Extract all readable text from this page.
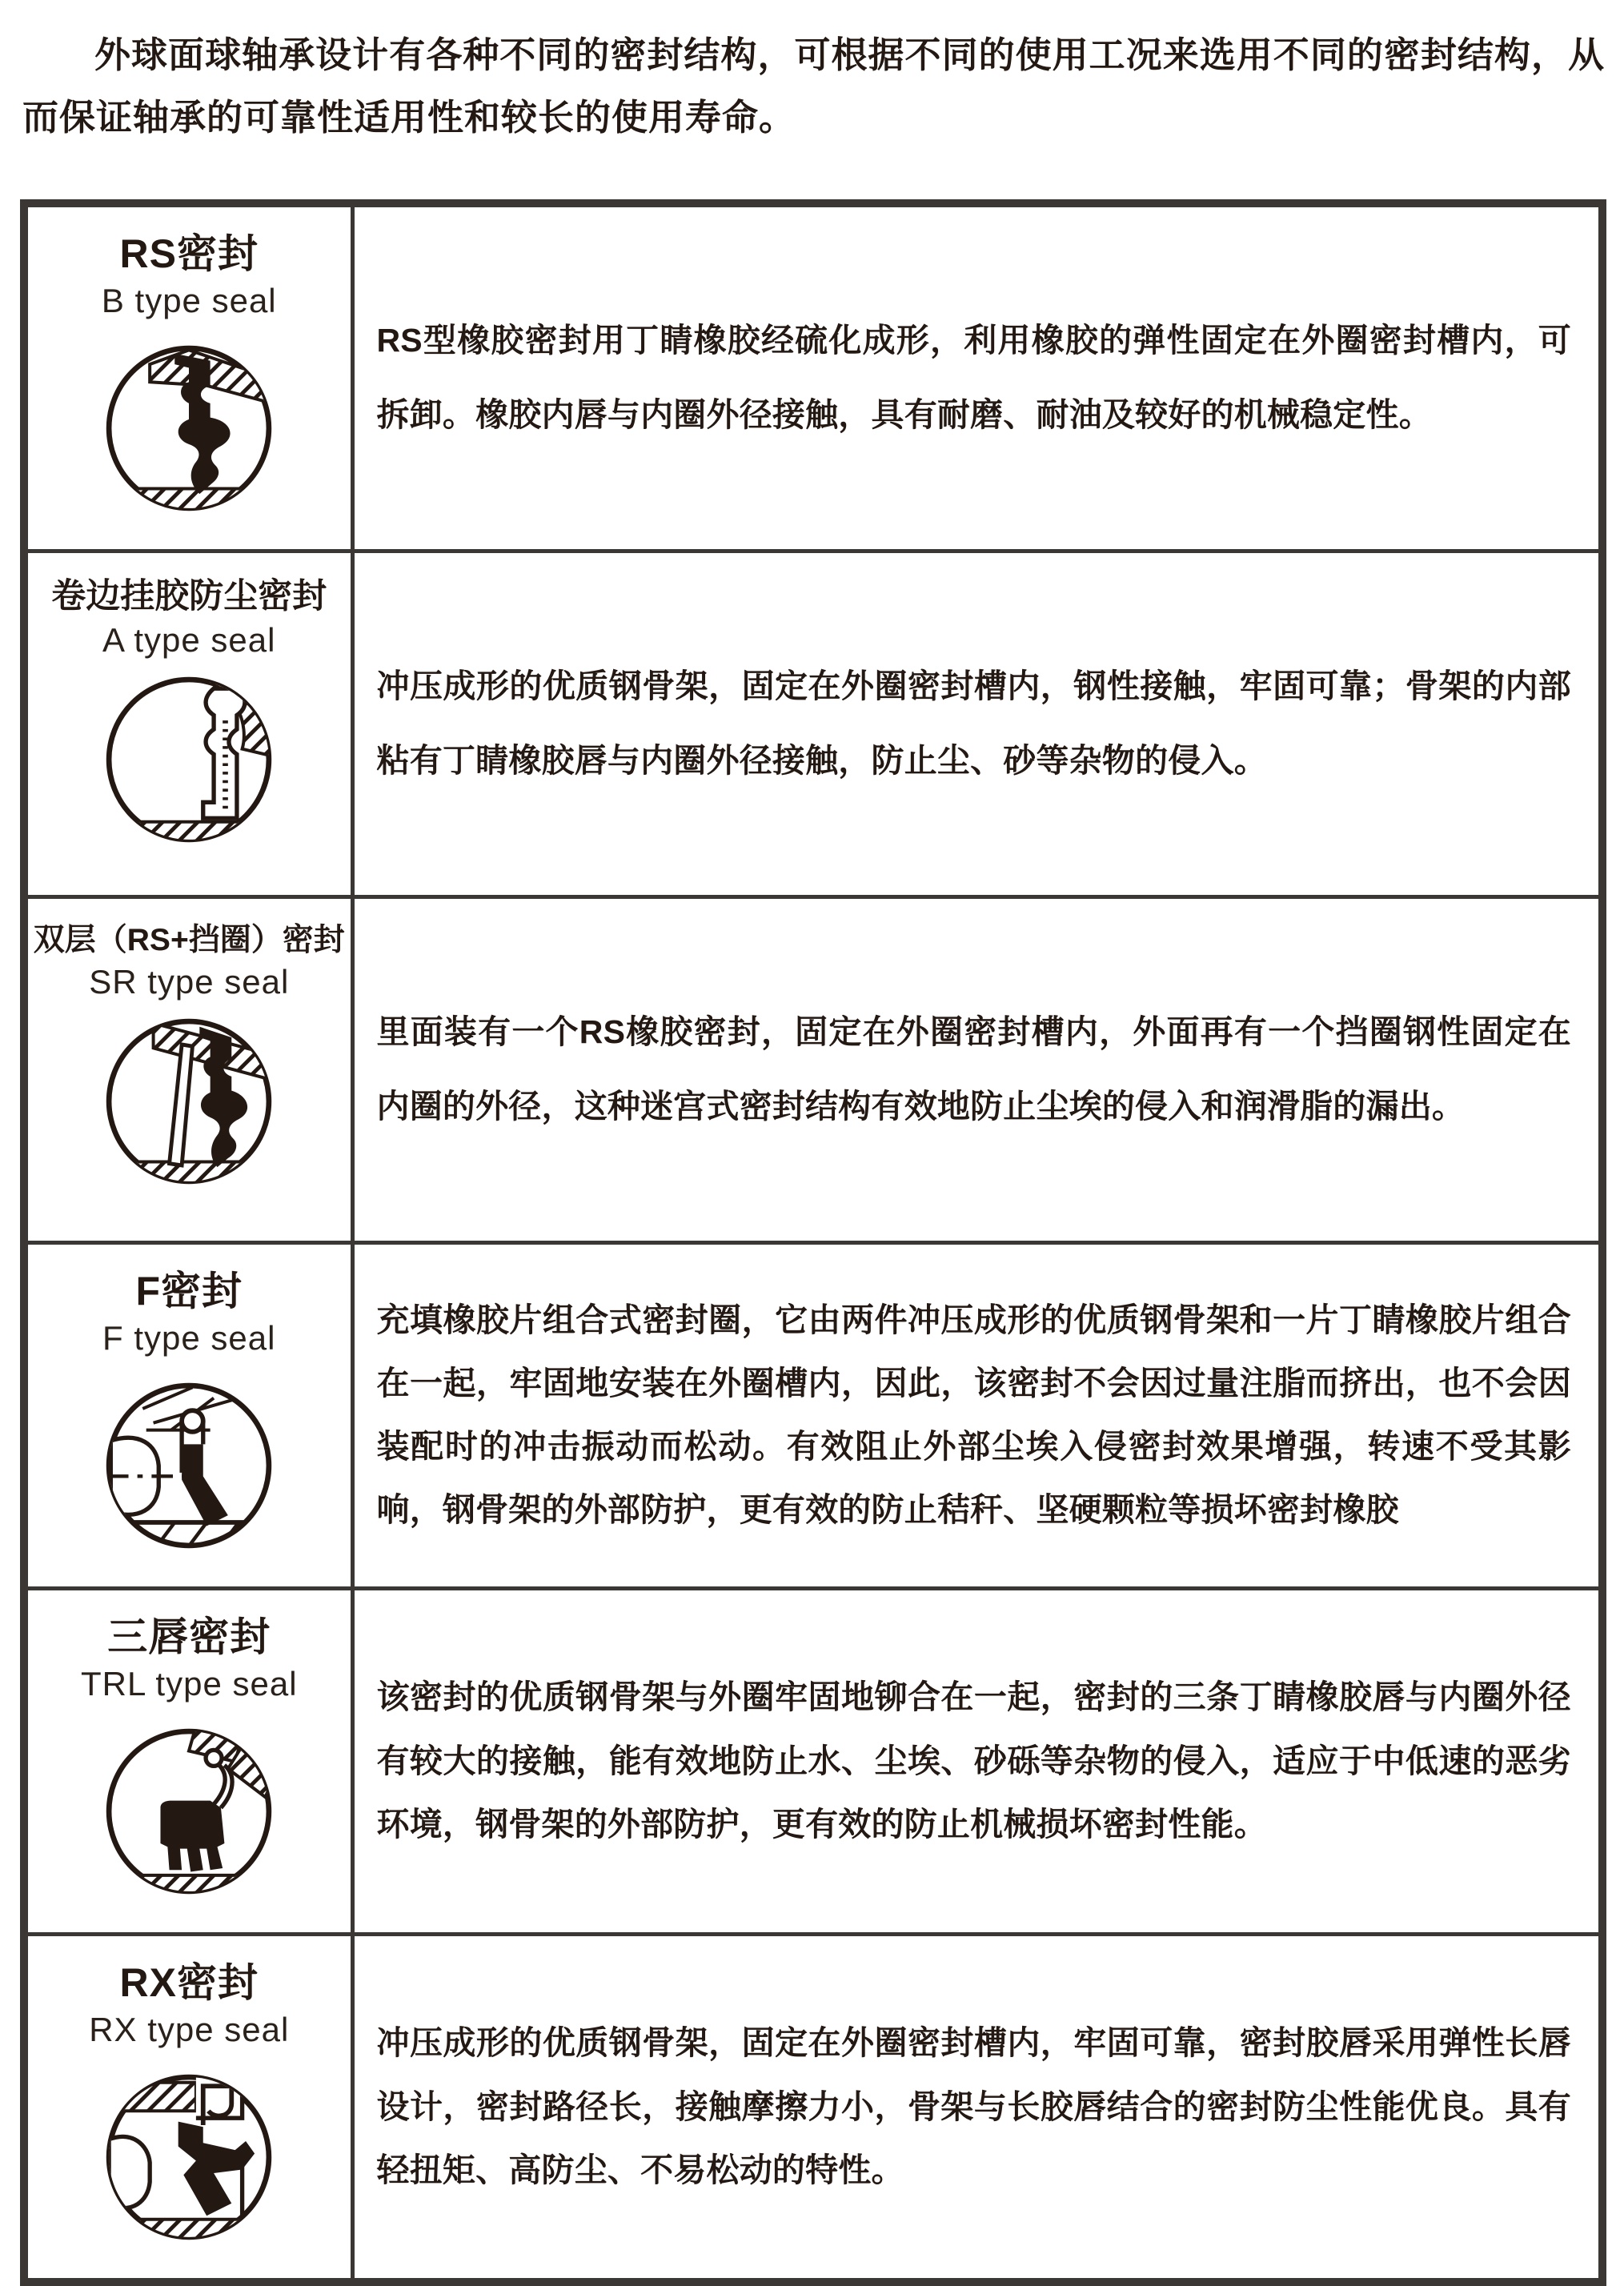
外球面球轴承设计有各种不同的密封结构，可根据不同的使用工况来选用不同的密封结构，从而保证轴承的可靠性适用性和较长的使用寿命。

RS密封
B type seal	RS型橡胶密封用丁睛橡胶经硫化成形，利用橡胶的弹性固定在外圈密封槽内，可拆卸。橡胶内唇与内圈外径接触，具有耐磨、耐油及较好的机械稳定性。

卷边挂胶防尘密封
A type seal	冲压成形的优质钢骨架，固定在外圈密封槽内，钢性接触，牢固可靠；骨架的内部粘有丁睛橡胶唇与内圈外径接触，防止尘、砂等杂物的侵入。

双层（RS+挡圈）密封
SR type seal	里面装有一个RS橡胶密封，固定在外圈密封槽内，外面再有一个挡圈钢性固定在内圈的外径，这种迷宫式密封结构有效地防止尘埃的侵入和润滑脂的漏出。

F密封
F type seal	充填橡胶片组合式密封圈，它由两件冲压成形的优质钢骨架和一片丁睛橡胶片组合在一起，牢固地安装在外圈槽内，因此，该密封不会因过量注脂而挤出，也不会因装配时的冲击振动而松动。有效阻止外部尘埃入侵密封效果增强，转速不受其影响，钢骨架的外部防护，更有效的防止秸秆、坚硬颗粒等损坏密封橡胶

三唇密封
TRL type seal	该密封的优质钢骨架与外圈牢固地铆合在一起，密封的三条丁睛橡胶唇与内圈外径有较大的接触，能有效地防止水、尘埃、砂砾等杂物的侵入，适应于中低速的恶劣环境，钢骨架的外部防护，更有效的防止机械损坏密封性能。

RX密封
RX type seal	冲压成形的优质钢骨架，固定在外圈密封槽内，牢固可靠，密封胶唇采用弹性长唇设计，密封路径长，接触摩擦力小，骨架与长胶唇结合的密封防尘性能优良。具有轻扭矩、高防尘、不易松动的特性。
